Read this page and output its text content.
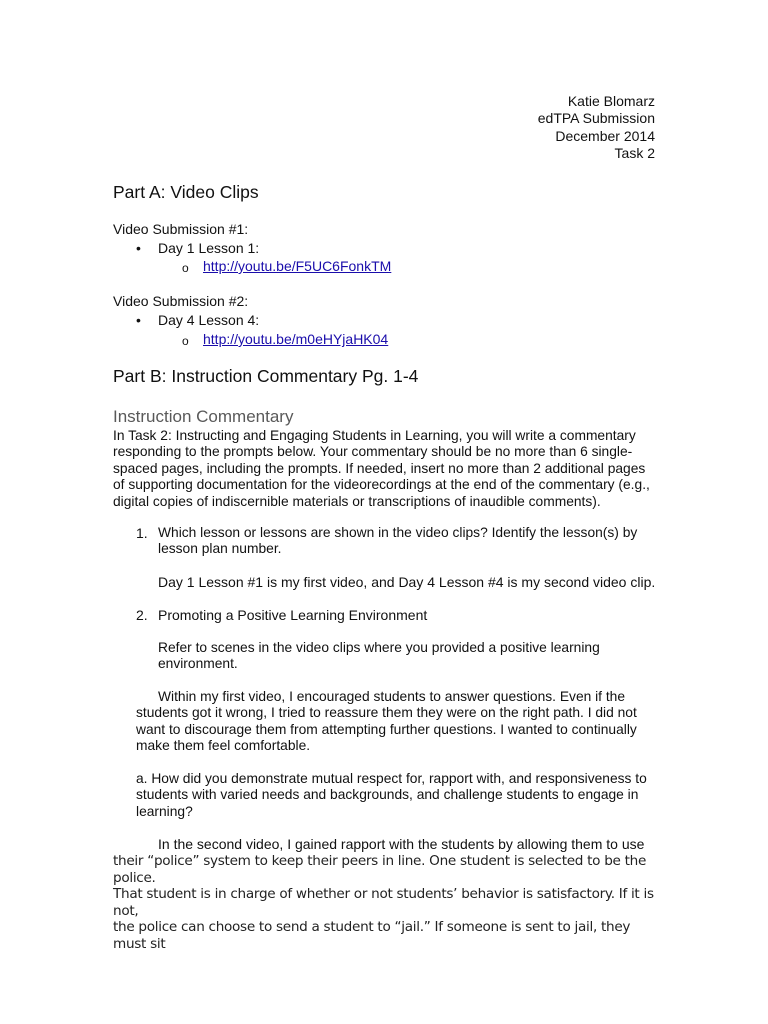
Katie Blomarz
edTPA Submission
December 2014
Task 2
Part A: Video Clips
Video Submission #1:
• Day 1 Lesson 1:
o http://youtu.be/F5UC6FonkTM
Video Submission #2:
• Day 4 Lesson 4:
o http://youtu.be/m0eHYjaHK04
Part B: Instruction Commentary Pg. 1-4
Instruction Commentary
In Task 2: Instructing and Engaging Students in Learning, you will write a commentary
responding to the prompts below. Your commentary should be no more than 6 single-
spaced pages, including the prompts. If needed, insert no more than 2 additional pages
of supporting documentation for the videorecordings at the end of the commentary (e.g.,
digital copies of indiscernible materials or transcriptions of inaudible comments).
1. Which lesson or lessons are shown in the video clips? Identify the lesson(s) by
lesson plan number.
Day 1 Lesson #1 is my first video, and Day 4 Lesson #4 is my second video clip.
2. Promoting a Positive Learning Environment
Refer to scenes in the video clips where you provided a positive learning
environment.
Within my first video, I encouraged students to answer questions. Even if the
students got it wrong, I tried to reassure them they were on the right path. I did not
want to discourage them from attempting further questions. I wanted to continually
make them feel comfortable.
a. How did you demonstrate mutual respect for, rapport with, and responsiveness to
students with varied needs and backgrounds, and challenge students to engage in
learning?
In the second video, I gained rapport with the students by allowing them to use
their “police” system to keep their peers in line. One student is selected to be the police.
That student is in charge of whether or not students’ behavior is satisfactory. If it is not,
the police can choose to send a student to “jail.” If someone is sent to jail, they must sit
